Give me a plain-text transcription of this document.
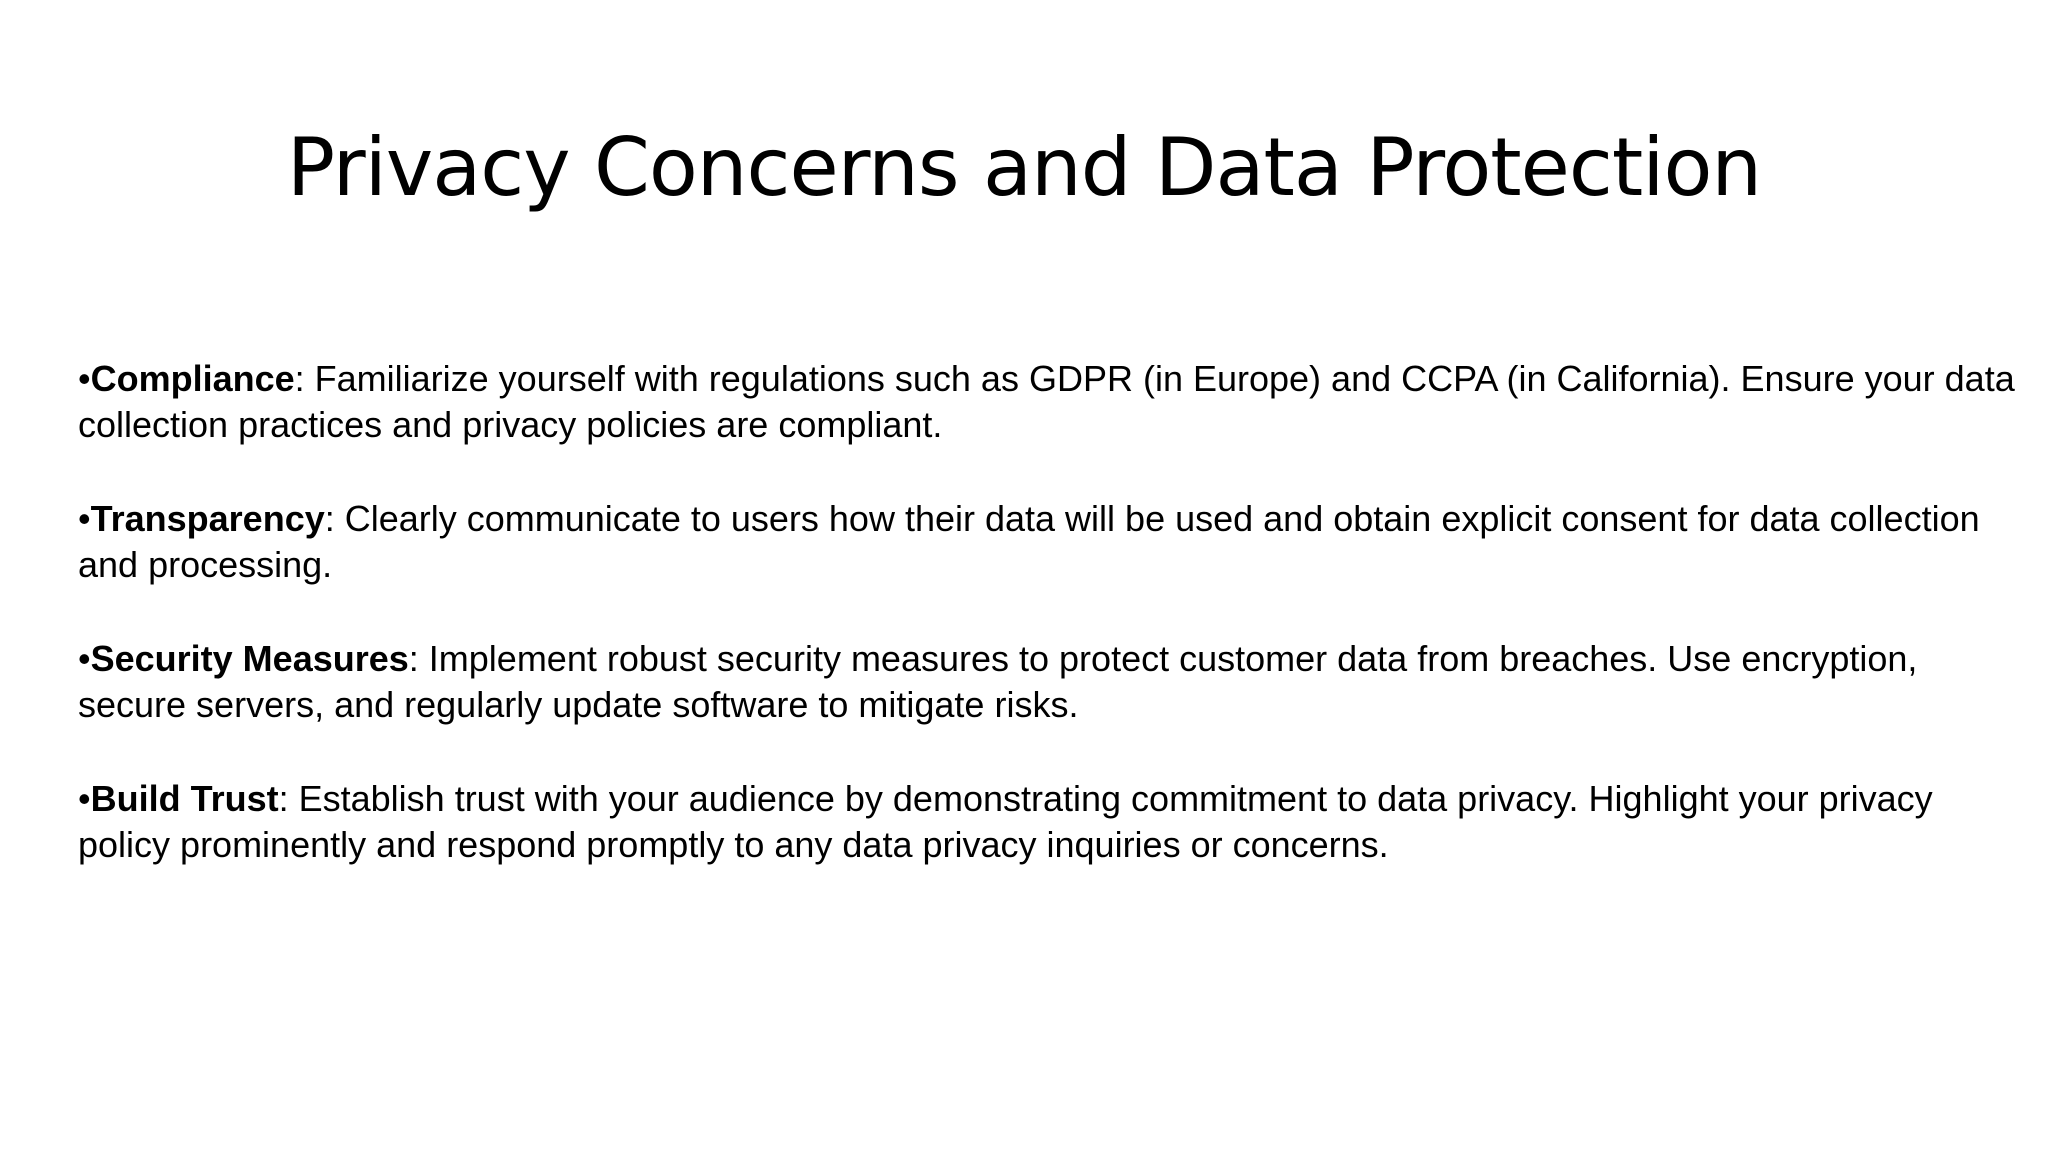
Privacy Concerns and Data Protection
•Compliance: Familiarize yourself with regulations such as GDPR (in Europe) and CCPA (in California). Ensure your data collection practices and privacy policies are compliant.
•Transparency: Clearly communicate to users how their data will be used and obtain explicit consent for data collection and processing.
•Security Measures: Implement robust security measures to protect customer data from breaches. Use encryption, secure servers, and regularly update software to mitigate risks.
•Build Trust: Establish trust with your audience by demonstrating commitment to data privacy. Highlight your privacy policy prominently and respond promptly to any data privacy inquiries or concerns.
